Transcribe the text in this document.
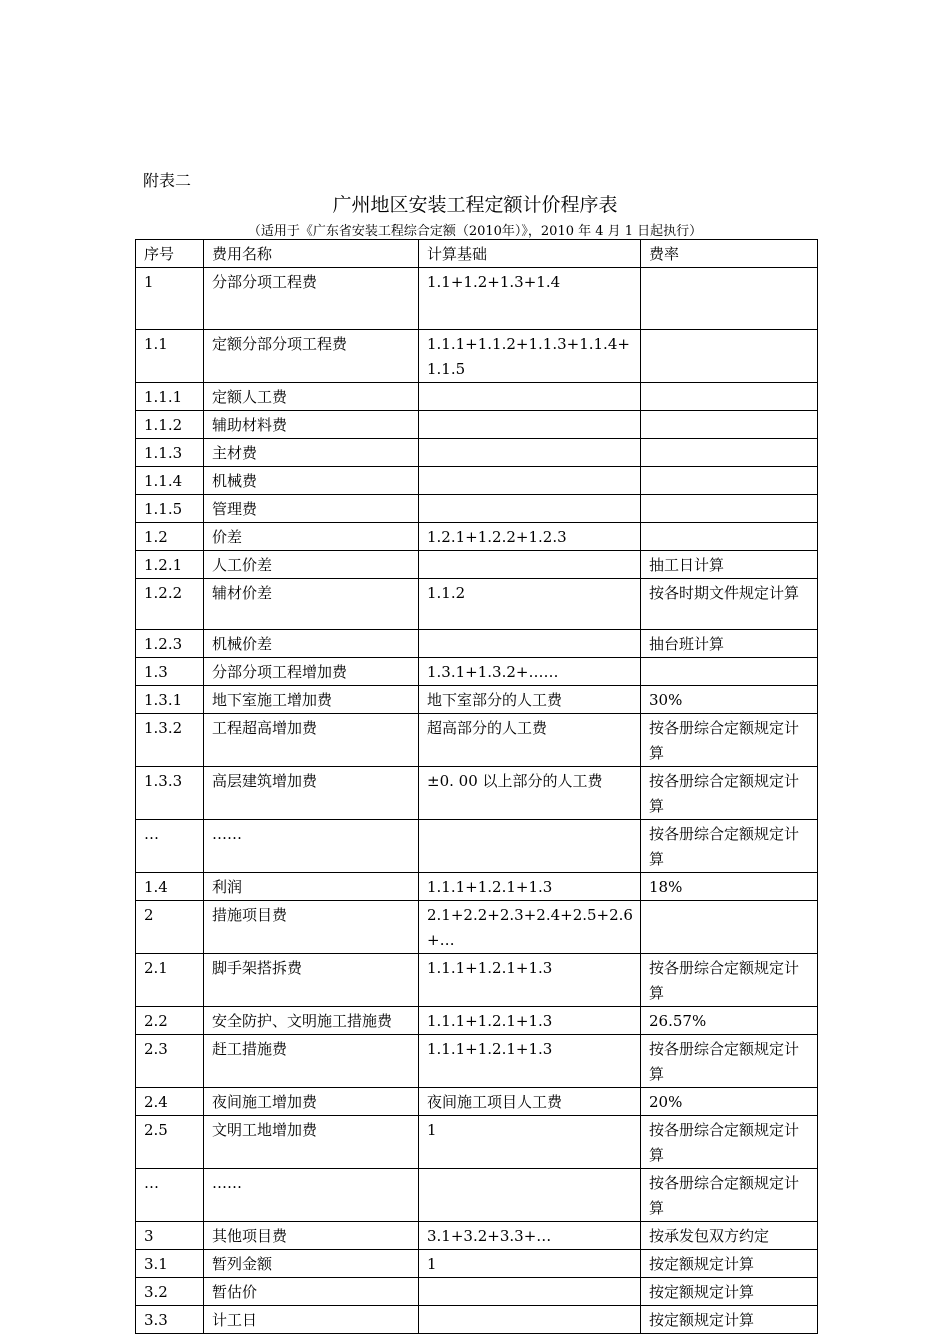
附表二
广州地区安装工程定额计价程序表
（适用于《广东省安装工程综合定额（2010年）》，2010 年 4 月 1 日起执行）
序号	费用名称	计算基础	费率
1	分部分项工程费	1.1+1.2+1.3+1.4	
1.1	定额分部分项工程费	1.1.1+1.1.2+1.1.3+1.1.4+1.1.5	
1.1.1	定额人工费		
1.1.2	辅助材料费		
1.1.3	主材费		
1.1.4	机械费		
1.1.5	管理费		
1.2	价差	1.2.1+1.2.2+1.2.3	
1.2.1	人工价差		抽工日计算
1.2.2	辅材价差	1.1.2	按各时期文件规定计算
1.2.3	机械价差		抽台班计算
1.3	分部分项工程增加费	1.3.1+1.3.2+……	
1.3.1	地下室施工增加费	地下室部分的人工费	30%
1.3.2	工程超高增加费	超高部分的人工费	按各册综合定额规定计算
1.3.3	高层建筑增加费	±0. 00 以上部分的人工费	按各册综合定额规定计算
…	……		按各册综合定额规定计算
1.4	利润	1.1.1+1.2.1+1.3	18%
2	措施项目费	2.1+2.2+2.3+2.4+2.5+2.6+…	
2.1	脚手架搭拆费	1.1.1+1.2.1+1.3	按各册综合定额规定计算
2.2	安全防护、文明施工措施费	1.1.1+1.2.1+1.3	26.57%
2.3	赶工措施费	1.1.1+1.2.1+1.3	按各册综合定额规定计算
2.4	夜间施工增加费	夜间施工项目人工费	20%
2.5	文明工地增加费	1	按各册综合定额规定计算
…	……		按各册综合定额规定计算
3	其他项目费	3.1+3.2+3.3+…	按承发包双方约定
3.1	暂列金额	1	按定额规定计算
3.2	暂估价		按定额规定计算
3.3	计工日		按定额规定计算
